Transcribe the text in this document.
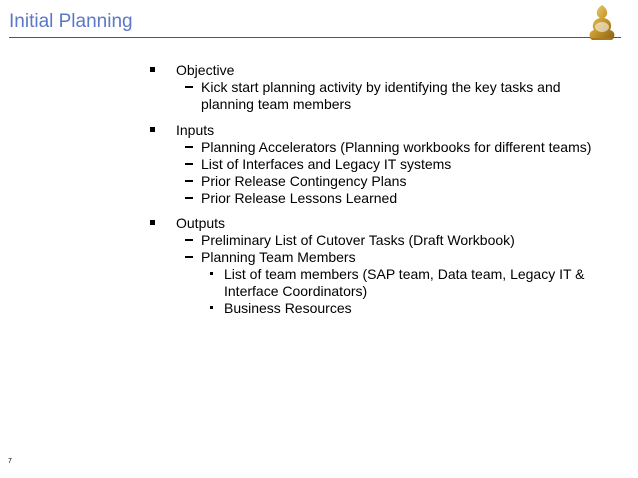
Initial Planning
Objective
Kick start planning activity by identifying the key tasks and
planning team members
Inputs
Planning Accelerators (Planning workbooks for different teams)
List of Interfaces and Legacy IT systems
Prior Release Contingency Plans
Prior Release Lessons Learned
Outputs
Preliminary List of Cutover Tasks (Draft Workbook)
Planning Team Members
List of team members (SAP team, Data team, Legacy IT &
Interface Coordinators)
Business Resources
7
